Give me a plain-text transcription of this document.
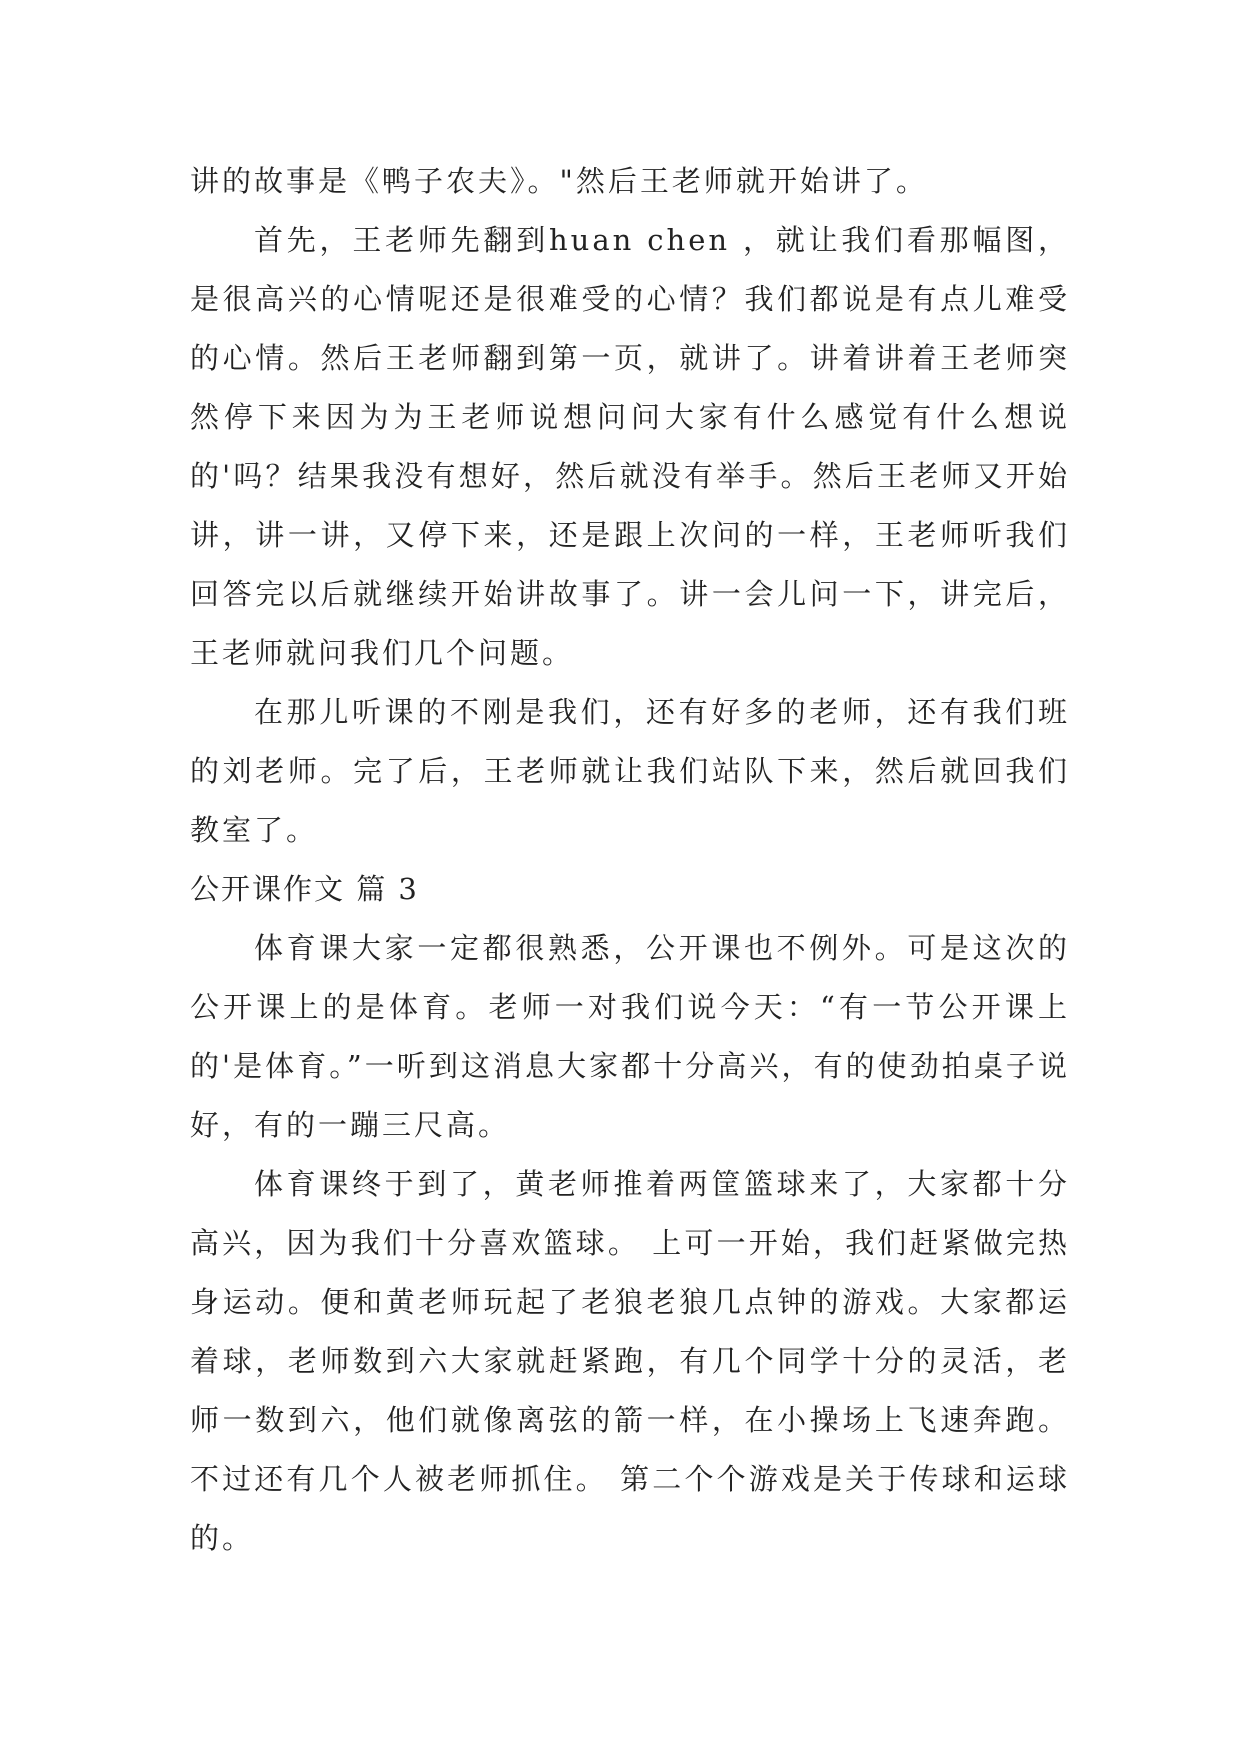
讲的故事是《鸭子农夫》。"然后王老师就开始讲了。

首先，王老师先翻到huan chen ，就让我们看那幅图，是很高兴的心情呢还是很难受的心情？我们都说是有点儿难受的心情。然后王老师翻到第一页，就讲了。讲着讲着王老师突然停下来因为为王老师说想问问大家有什么感觉有什么想说的'吗？结果我没有想好，然后就没有举手。然后王老师又开始讲，讲一讲，又停下来，还是跟上次问的一样，王老师听我们回答完以后就继续开始讲故事了。讲一会儿问一下，讲完后，王老师就问我们几个问题。

在那儿听课的不刚是我们，还有好多的老师，还有我们班的刘老师。完了后，王老师就让我们站队下来，然后就回我们教室了。

公开课作文 篇 3

体育课大家一定都很熟悉，公开课也不例外。可是这次的公开课上的是体育。老师一对我们说今天：“有一节公开课上的'是体育。”一听到这消息大家都十分高兴，有的使劲拍桌子说好，有的一蹦三尺高。

体育课终于到了，黄老师推着两筐篮球来了，大家都十分高兴，因为我们十分喜欢篮球。 上可一开始，我们赶紧做完热身运动。便和黄老师玩起了老狼老狼几点钟的游戏。大家都运着球，老师数到六大家就赶紧跑，有几个同学十分的灵活，老师一数到六，他们就像离弦的箭一样，在小操场上飞速奔跑。不过还有几个人被老师抓住。 第二个个游戏是关于传球和运球的。
